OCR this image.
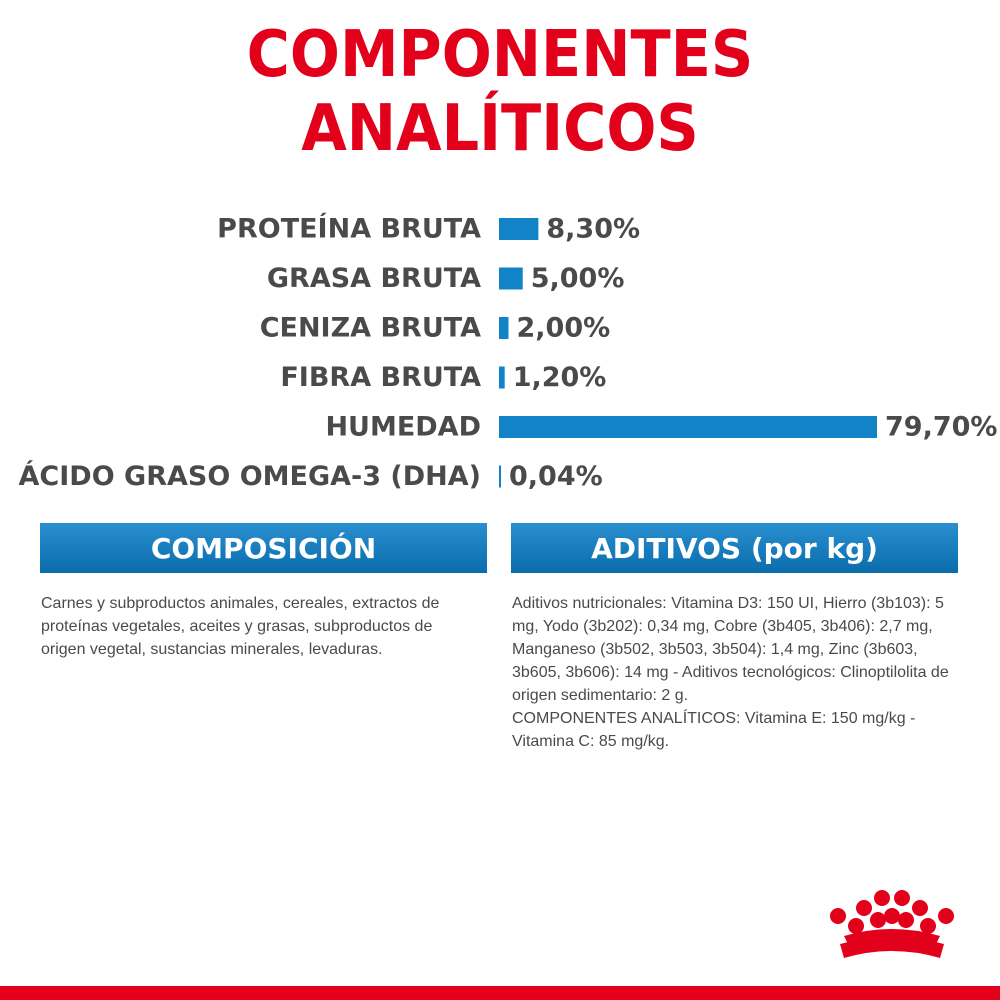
COMPONENTES ANALÍTICOS
PROTEÍNA BRUTA 8,30%
GRASA BRUTA 5,00%
CENIZA BRUTA 2,00%
FIBRA BRUTA 1,20%
HUMEDAD	79,70%
ÁCIDO GRASO OMEGA-3 (DHA) 0,04%
COMPOSICIÓN	ADITIVOS (por kg)
Carnes y subproductos animales, cereales, extractos de proteínas vegetales, aceites y grasas, subproductos de origen vegetal, sustancias minerales, levaduras.
Aditivos nutricionales: Vitamina D3: 150 UI, Hierro (3b103): 5 mg, Yodo (3b202): 0,34 mg, Cobre (3b405, 3b406): 2,7 mg, Manganeso (3b502, 3b503, 3b504): 1,4 mg, Zinc (3b603, 3b605, 3b606): 14 mg - Aditivos tecnológicos: Clinoptilolita de origen sedimentario: 2 g.
COMPONENTES ANALÍTICOS: Vitamina E: 150 mg/kg - Vitamina C: 85 mg/kg.
